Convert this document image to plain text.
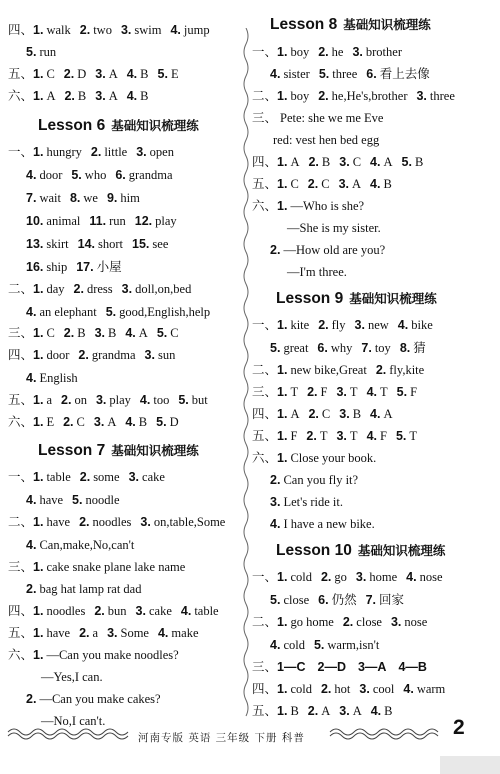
四、1. walk 2. two 3. swim 4. jump
5. run
五、1. C 2. D 3. A 4. B 5. E
六、1. A 2. B 3. A 4. B
Lesson 6 基础知识梳理练
一、1. hungry 2. little 3. open
4. door 5. who 6. grandma
7. wait 8. we 9. him
10. animal 11. run 12. play
13. skirt 14. short 15. see
16. ship 17. 小屋
二、1. day 2. dress 3. doll,on,bed
4. an elephant 5. good,English,help
三、1. C 2. B 3. B 4. A 5. C
四、1. door 2. grandma 3. sun
4. English
五、1. a 2. on 3. play 4. too 5. but
六、1. E 2. C 3. A 4. B 5. D
Lesson 7 基础知识梳理练
一、1. table 2. some 3. cake
4. have 5. noodle
二、1. have 2. noodles 3. on,table,Some
4. Can,make,No,can't
三、1. cake snake plane lake name
2. bag hat lamp rat dad
四、1. noodles 2. bun 3. cake 4. table
五、1. have 2. a 3. Some 4. make
六、1. —Can you make noodles?
—Yes,I can.
2. —Can you make cakes?
—No,I can't.
Lesson 8 基础知识梳理练
一、1. boy 2. he 3. brother
4. sister 5. three 6. 看上去像
二、1. boy 2. he,He's,brother 3. three
三、 Pete: she we me Eve
red: vest hen bed egg
四、1. A 2. B 3. C 4. A 5. B
五、1. C 2. C 3. A 4. B
六、1. —Who is she?
—She is my sister.
2. —How old are you?
—I'm three.
Lesson 9 基础知识梳理练
一、1. kite 2. fly 3. new 4. bike
5. great 6. why 7. toy 8. 猜
二、1. new bike,Great 2. fly,kite
三、1. T 2. F 3. T 4. T 5. F
四、1. A 2. C 3. B 4. A
五、1. F 2. T 3. T 4. F 5. T
六、1. Close your book.
2. Can you fly it?
3. Let's ride it.
4. I have a new bike.
Lesson 10 基础知识梳理练
一、1. cold 2. go 3. home 4. nose
5. close 6. 仍然 7. 回家
二、1. go home 2. close 3. nose
4. cold 5. warm,isn't
三、1—C 2—D 3—A 4—B
四、1. cold 2. hot 3. cool 4. warm
五、1. B 2. A 3. A 4. B
河南专版 英语 三年级 下册 科普	2
